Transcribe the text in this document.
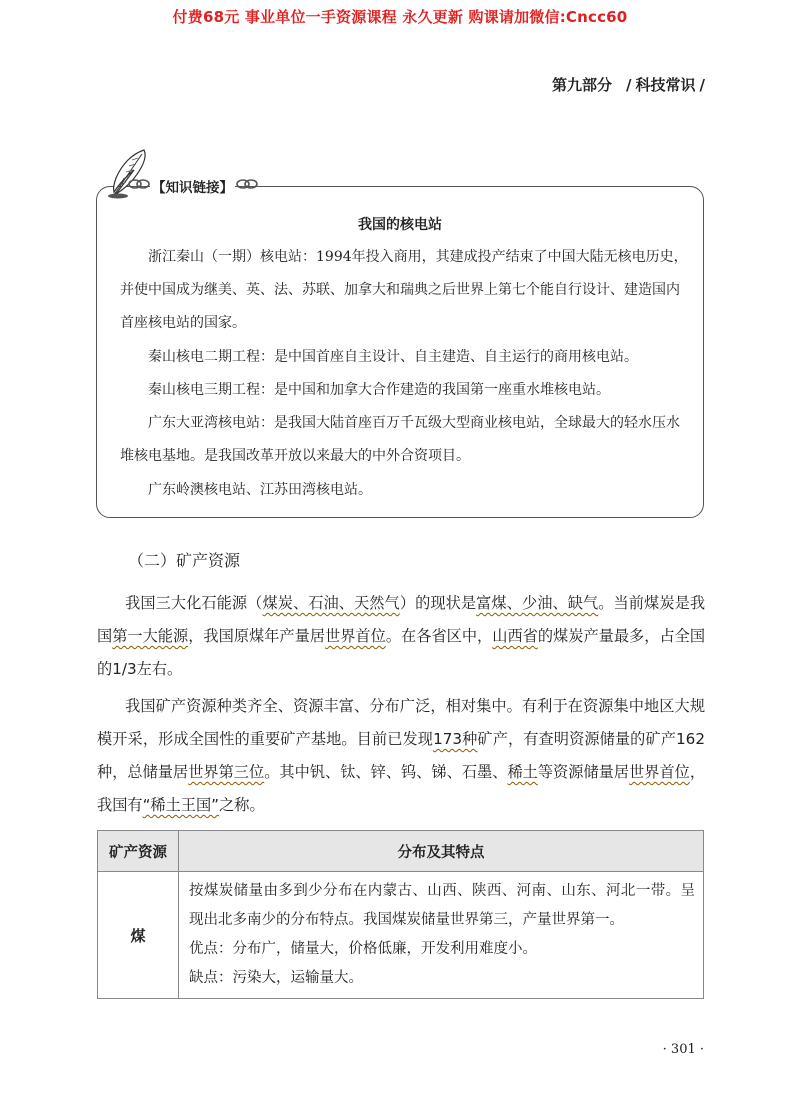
付费68元 事业单位一手资源课程 永久更新 购课请加微信:Cncc60
第九部分 / 科技常识 /
【知识链接】
我国的核电站
浙江秦山（一期）核电站：1994年投入商用，其建成投产结束了中国大陆无核电历史，并使中国成为继美、英、法、苏联、加拿大和瑞典之后世界上第七个能自行设计、建造国内首座核电站的国家。
秦山核电二期工程：是中国首座自主设计、自主建造、自主运行的商用核电站。
秦山核电三期工程：是中国和加拿大合作建造的我国第一座重水堆核电站。
广东大亚湾核电站：是我国大陆首座百万千瓦级大型商业核电站，全球最大的轻水压水堆核电基地。是我国改革开放以来最大的中外合资项目。
广东岭澳核电站、江苏田湾核电站。
（二）矿产资源
我国三大化石能源（煤炭、石油、天然气）的现状是富煤、少油、缺气。当前煤炭是我国第一大能源，我国原煤年产量居世界首位。在各省区中，山西省的煤炭产量最多，占全国的1/3左右。
我国矿产资源种类齐全、资源丰富、分布广泛，相对集中。有利于在资源集中地区大规模开采，形成全国性的重要矿产基地。目前已发现173种矿产，有查明资源储量的矿产162种，总储量居世界第三位。其中钒、钛、锌、钨、锑、石墨、稀土等资源储量居世界首位，我国有“稀土王国”之称。
矿产资源	分布及其特点
煤	按煤炭储量由多到少分布在内蒙古、山西、陕西、河南、山东、河北一带。呈现出北多南少的分布特点。我国煤炭储量世界第三，产量世界第一。
优点：分布广，储量大，价格低廉，开发利用难度小。
缺点：污染大，运输量大。
· 301 ·
